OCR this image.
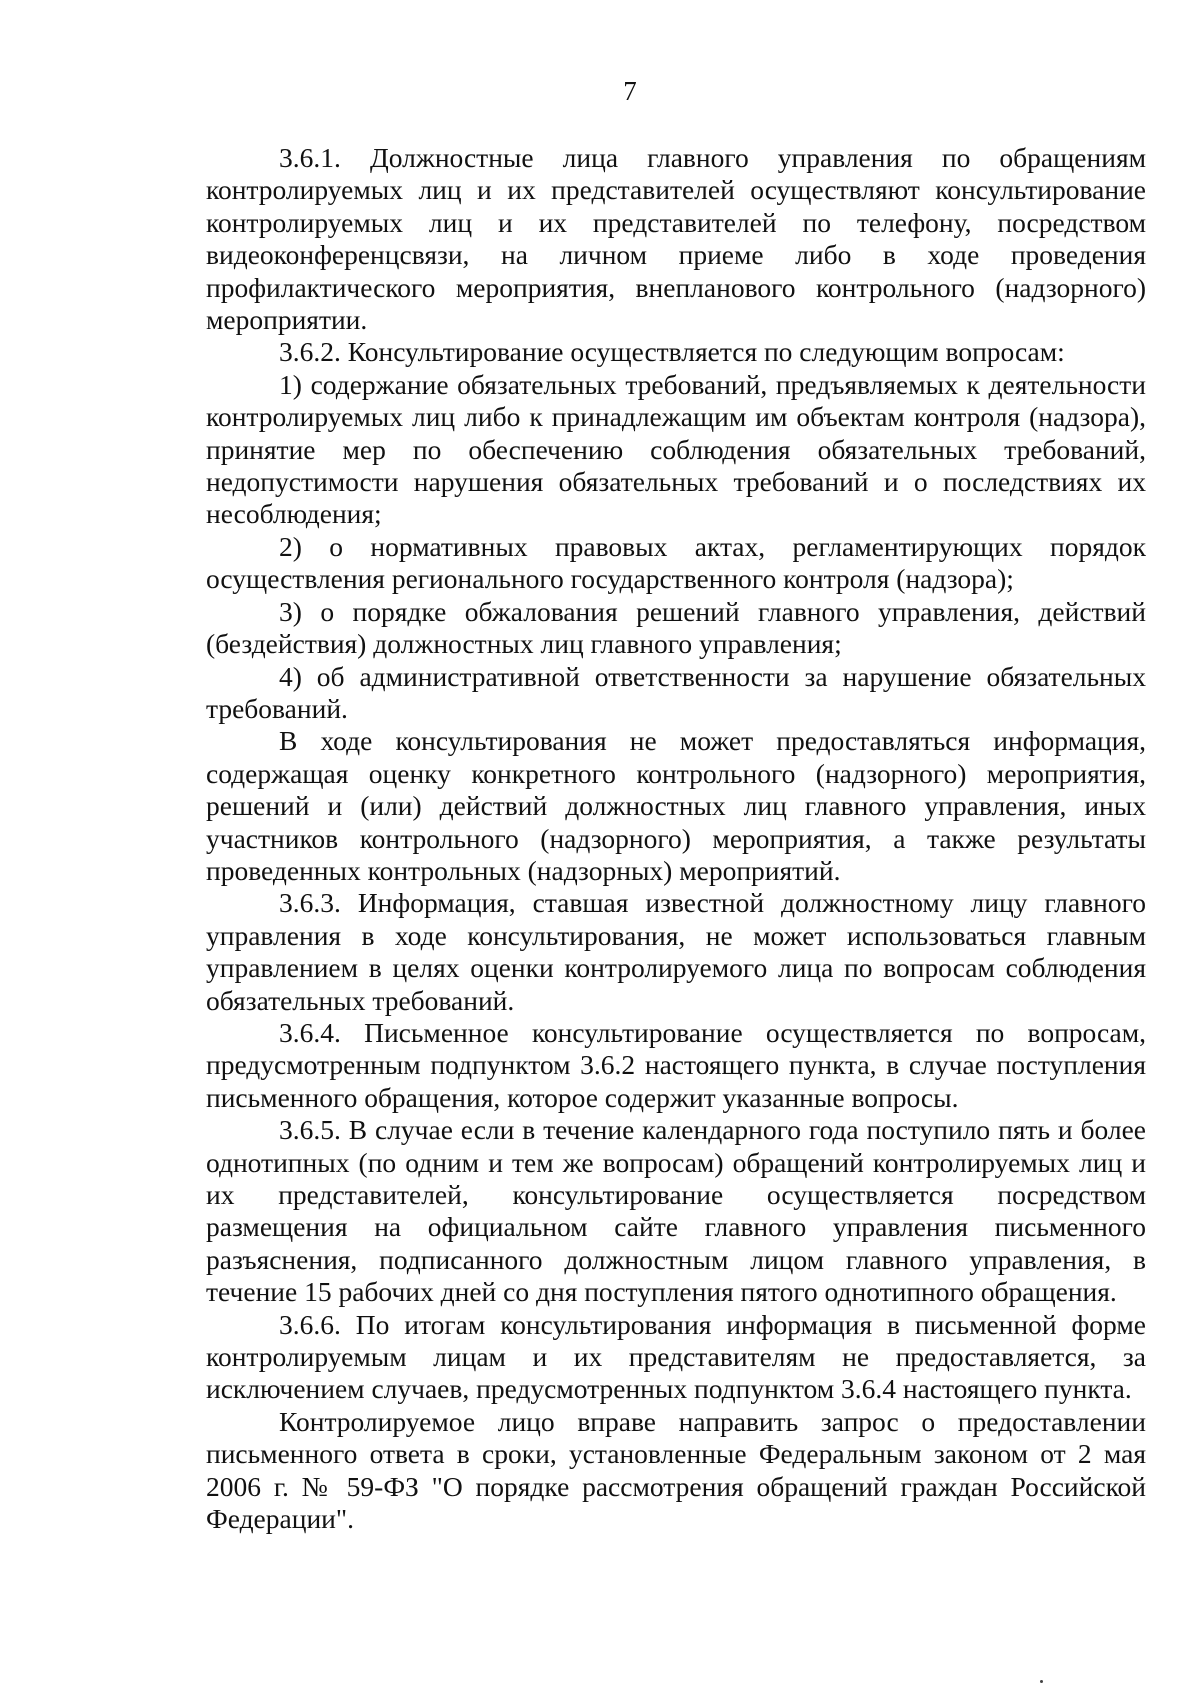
7

3.6.1. Должностные лица главного управления по обращениям контролируемых лиц и их представителей осуществляют консультирование контролируемых лиц и их представителей по телефону, посредством видеоконференцсвязи, на личном приеме либо в ходе проведения профилактического мероприятия, внепланового контрольного (надзорного) мероприятии.

3.6.2. Консультирование осуществляется по следующим вопросам:

1) содержание обязательных требований, предъявляемых к деятельности контролируемых лиц либо к принадлежащим им объектам контроля (надзора), принятие мер по обеспечению соблюдения обязательных требований, недопустимости нарушения обязательных требований и о последствиях их несоблюдения;

2) о нормативных правовых актах, регламентирующих порядок осуществления регионального государственного контроля (надзора);

3) о порядке обжалования решений главного управления, действий (бездействия) должностных лиц главного управления;

4) об административной ответственности за нарушение обязательных требований.

В ходе консультирования не может предоставляться информация, содержащая оценку конкретного контрольного (надзорного) мероприятия, решений и (или) действий должностных лиц главного управления, иных участников контрольного (надзорного) мероприятия, а также результаты проведенных контрольных (надзорных) мероприятий.

3.6.3. Информация, ставшая известной должностному лицу главного управления в ходе консультирования, не может использоваться главным управлением в целях оценки контролируемого лица по вопросам соблюдения обязательных требований.

3.6.4. Письменное консультирование осуществляется по вопросам, предусмотренным подпунктом 3.6.2 настоящего пункта, в случае поступления письменного обращения, которое содержит указанные вопросы.

3.6.5. В случае если в течение календарного года поступило пять и более однотипных (по одним и тем же вопросам) обращений контролируемых лиц и их представителей, консультирование осуществляется посредством размещения на официальном сайте главного управления письменного разъяснения, подписанного должностным лицом главного управления, в течение 15 рабочих дней со дня поступления пятого однотипного обращения.

3.6.6. По итогам консультирования информация в письменной форме контролируемым лицам и их представителям не предоставляется, за исключением случаев, предусмотренных подпунктом 3.6.4 настоящего пункта.

Контролируемое лицо вправе направить запрос о предоставлении письменного ответа в сроки, установленные Федеральным законом от 2 мая 2006 г. № 59-ФЗ "О порядке рассмотрения обращений граждан Российской Федерации".
